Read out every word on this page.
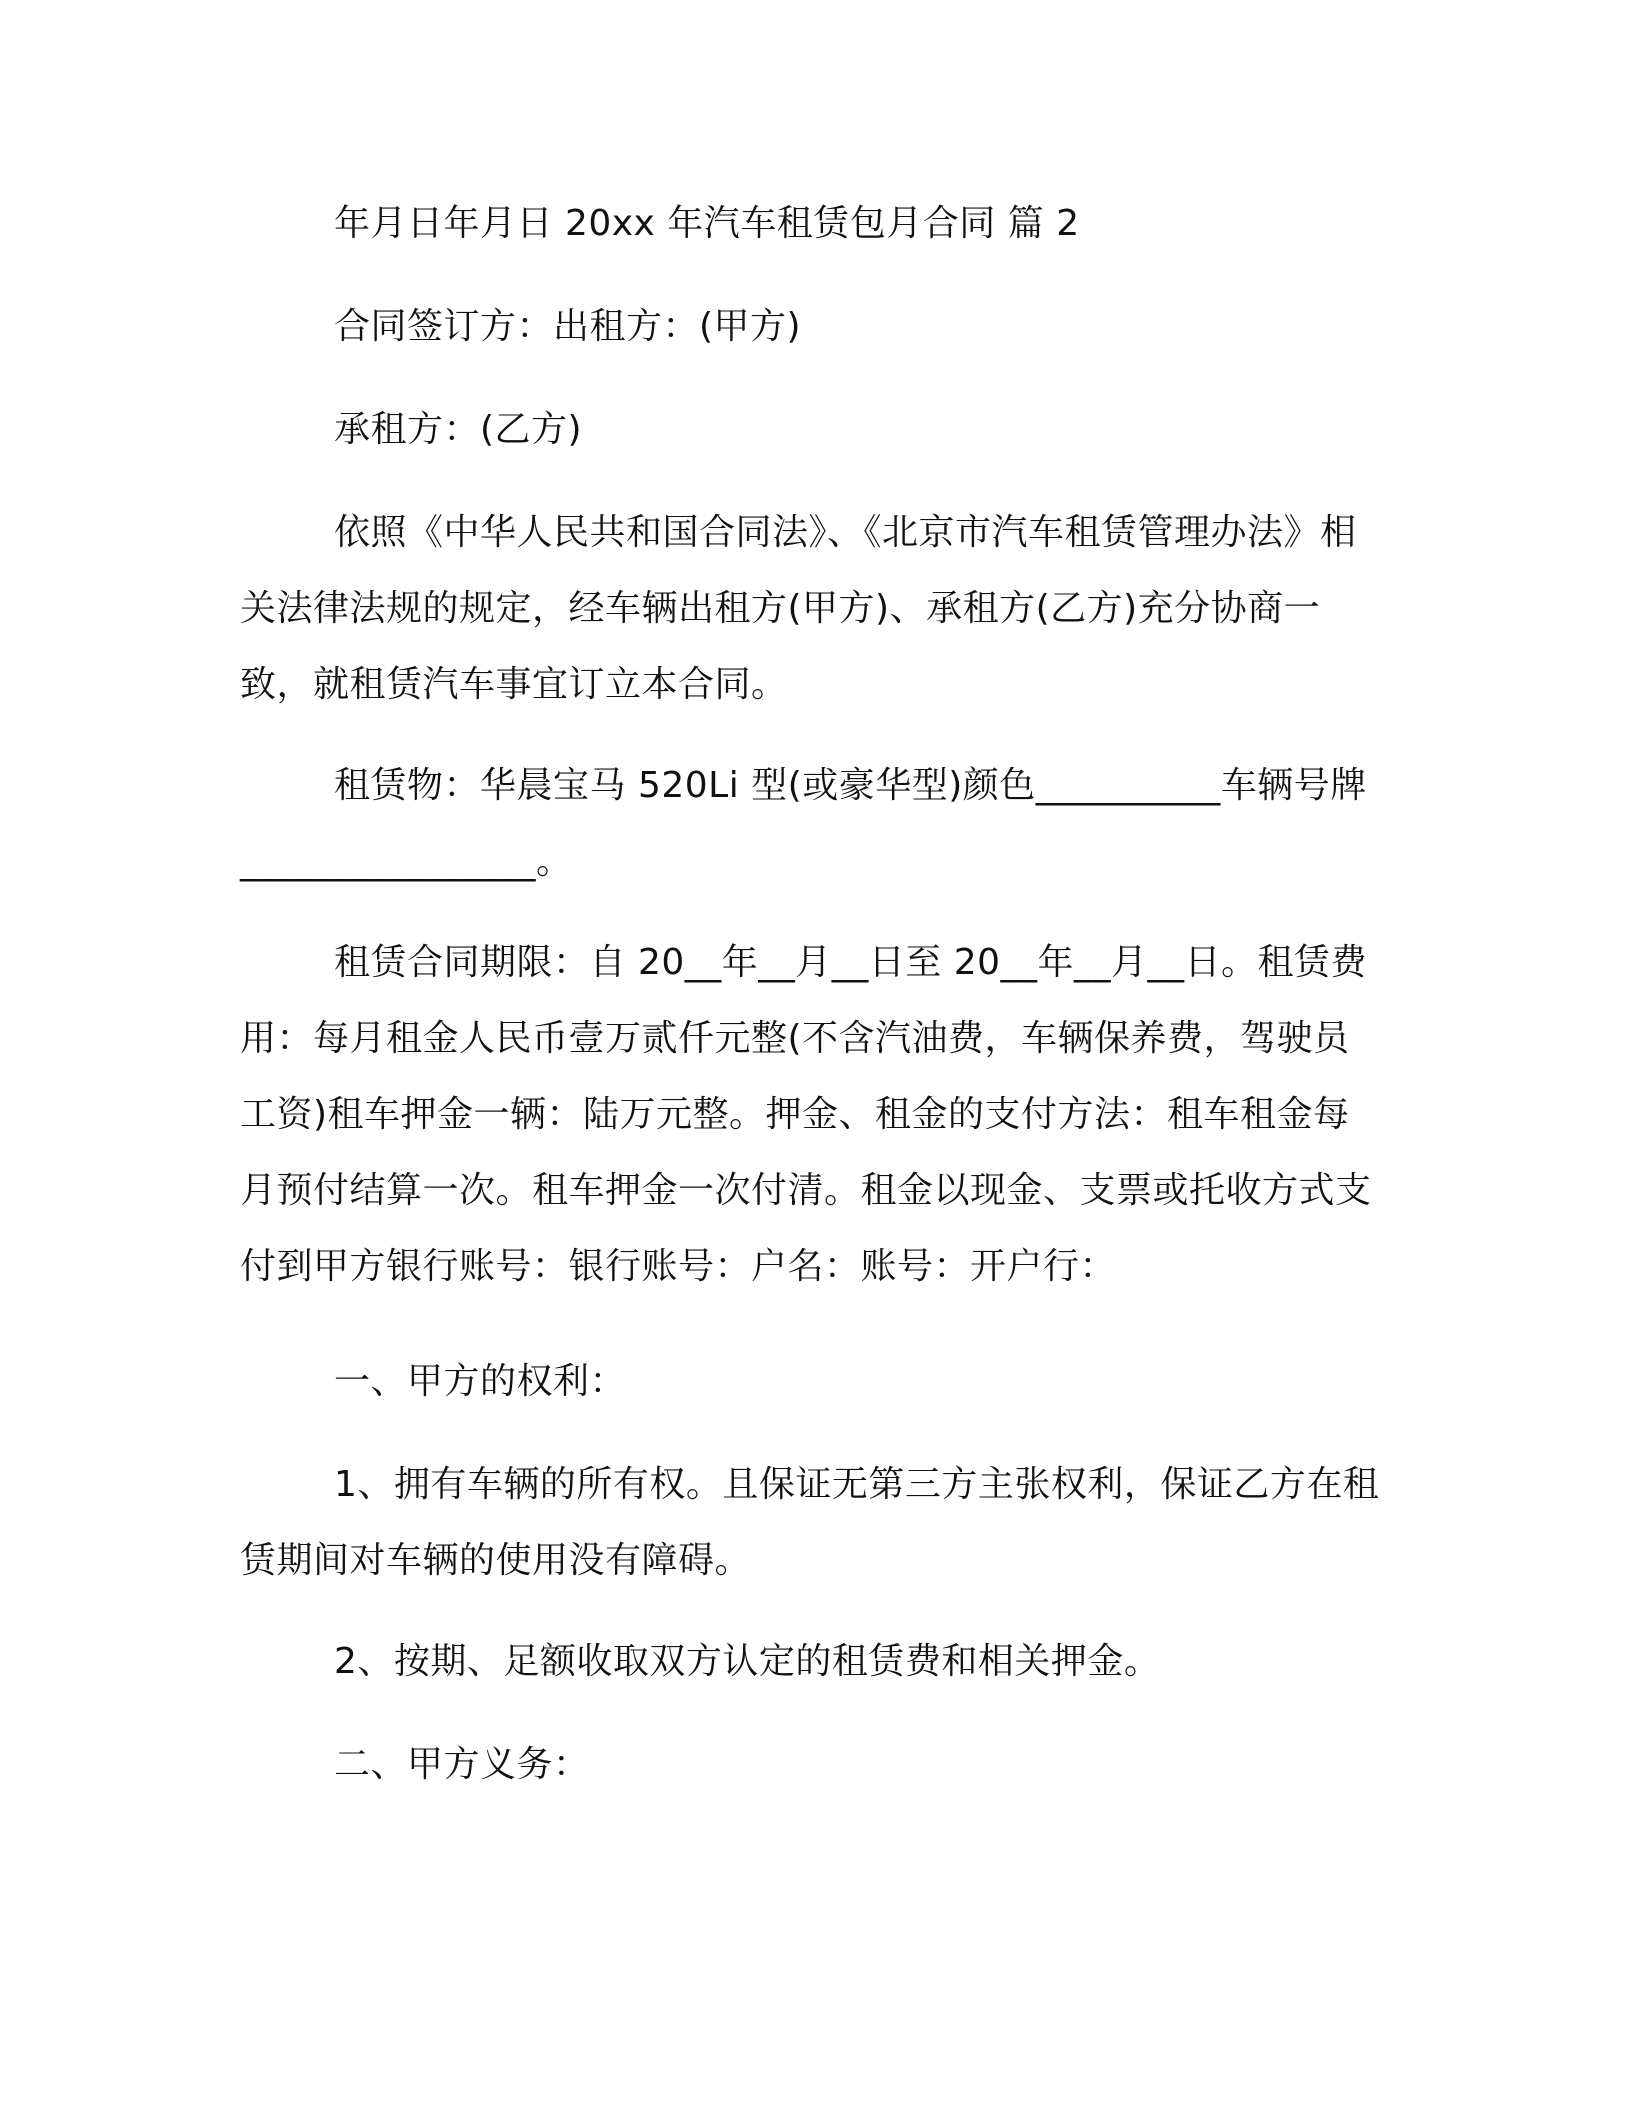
年月日年月日 20xx 年汽车租赁包月合同 篇 2

合同签订方：出租方：(甲方)

承租方：(乙方)

依照《中华人民共和国合同法》、《北京市汽车租赁管理办法》相关法律法规的规定，经车辆出租方(甲方)、承租方(乙方)充分协商一致，就租赁汽车事宜订立本合同。

租赁物：华晨宝马 520Li 型(或豪华型)颜色__________车辆号牌________________。

租赁合同期限：自 20__年__月__日至 20__年__月__日。租赁费用：每月租金人民币壹万贰仟元整(不含汽油费，车辆保养费，驾驶员工资)租车押金一辆：陆万元整。押金、租金的支付方法：租车租金每月预付结算一次。租车押金一次付清。租金以现金、支票或托收方式支付到甲方银行账号：银行账号：户名：账号：开户行：

一、甲方的权利：

1、拥有车辆的所有权。且保证无第三方主张权利，保证乙方在租赁期间对车辆的使用没有障碍。

2、按期、足额收取双方认定的租赁费和相关押金。

二、甲方义务：
